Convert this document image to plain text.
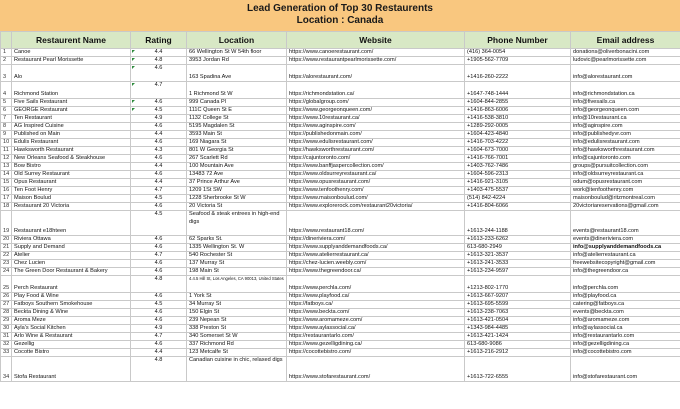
Lead Generation of Top 30 Restaurents
Location : Canada
	Restaurent Name	Rating	Location	Website	Phone Number	Email address
1	Canoe	4.4	66 Wellington St W 54th floor	https://www.canoerestaurant.com/	(416) 364-0054	donations@oliverbonacini.com
2	Restaurant Pearl Morissette	4.8	3953 Jordan Rd	https://www.restaurantpearlmorissette.com/	+1905-562-7709	ludovic@pearlmorissette.com
3	Alo	4.6	163 Spadina Ave	https://alorestaurant.com/	+1416-260-2222	info@alorestaurant.com
4	Richmond Station	4.7	1 Richmond St W	https://richmondstation.ca/	+1647-748-1444	info@richmondstation.ca
5	Five Sails Restaurant	4.6	999 Canada Pl	https://globalgroup.com/	+1604-844-2855	info@fivesails.ca
6	GEORGE Restaurant	4.5	111C Queen St E	https://www.georgeonqueen.com/	+1416-863-6006	info@georgeonqueen.com
7	Ten Restaurant	4.9	1132 College St	https://www.10restaurant.ca/	+1416-538-3810	info@10restaurant.ca
8	AG Inspired Cuisine	4.6	5195 Magdalen St	https://www.aginspire.com/	+1289-292-0005	info@aginspire.com
9	Published on Main	4.4	3593 Main St	https://publishedonmain.com/	+1604-423-4840	info@publishedyvr.com
10	Edulis Restaurant	4.6	169 Niagara St	https://www.edulisrestaurant.com/	+1416-703-4222	info@edulisrestaurant.com
11	Hawksworth Restaurant	4.3	801 W Georgia St	https://hawksworthrestaurant.com/	+1604-673-7000	info@hawksworthrestaurant.com
12	New Orleans Seafood & Steakhouse	4.6	267 Scarlett Rd	https://cajuntoronto.com/	+1416-766-7001	info@cajuntoronto.com
13	Bow Bistro	4.4	100 Mountain Ave	https://www.banffjaspercollection.com/	+1403-762-7486	groups@pursuitcollection.com
14	Old Surrey Restaurant	4.6	13483 72 Ave	https://www.oldsurreyrestaurant.ca/	+1604-596-2313	info@oldsurreyrestaurant.ca
15	Opus Restaurant	4.4	37 Prince Arthur Ave	https://www.opusrestaurant.com/	+1416-921-3105	odum@opusrestaurant.com
16	Ten Foot Henry	4.7	1209 1St SW	https://www.tenfoothenry.com/	+1403-475-5537	work@tenfoothenry.com
17	Maison Boulud	4.5	1228 Sherbrooke St W	https://www.maisonboulud.com/	(514) 842-4224	maisonboulud@ritzmontreal.com
18	Restaurant 20 Victoria	4.6	20 Victoria St	https://www.explorerock.com/restaurant20victoria/	+1416-804-6066	20victoriareservations@gmail.com
19	Restaurant e18hteen	4.5	Seafood & steak entrees in high-end digs	https://www.restaurant18.com/	+1613-244-1188	events@restaurant18.com
20	Riviera Ottawa	4.6	62 Sparks St.	https://dineriviera.com/	+1613-233-6262	events@dineriviera.com
21	Supply and Demand	4.6	1335 Wellington St. W	https://www.supplyanddemandfoods.ca/	613-680-2949	info@supplyanddemandfoods.ca
22	Atelier	4.7	540 Rochester St	https://www.atelierrestaurant.ca/	+1613-321-3537	info@atelierrestaurant.ca
23	Chez Lucien	4.6	137 Murray St	https://chez-lucien.weebly.com/	+1613-241-3533	freewebsitecopyright@gmail.com
24	The Green Door Restaurant & Bakery	4.6	198 Main St	https://www.thegreendoor.ca/	+1613-234-9597	info@thegreendoor.ca
25	Perch Restaurant	4.8	4.4.5 Hill St, Los Angeles, CA 90013, United States	https://www.perchla.com/	+1213-802-1770	info@perchla.com
26	Play Food & Wine	4.6	1 York St	https://www.playfood.ca/	+1613-667-9207	info@playfood.ca
27	Fatboys Southern Smokehouse	4.5	34 Murray St	https://fatboys.ca/	+1613-695-5599	catering@fatboys.ca
28	Beckta Dining & Wine	4.6	150 Elgin St	https://www.beckta.com/	+1613-238-7063	events@beckta.com
29	Aroma Meze	4.6	239 Nepean St	https://www.aromameze.com/	+1613-421-0504	info@aromameze.com
30	Ayla's Social Kitchen	4.9	338 Preston St	https://www.aylassocial.ca/	+1343-984-4485	info@aylassocial.ca
31	Arlo Wine & Restaurant	4.7	340 Somerset St W	https://restaurantarlo.com/	+1613-421-1424	info@restaurantarlo.com
32	Gezellig	4.6	337 Richmond Rd	https://www.gezelligdining.ca/	613-680-9086	info@gezelligdining.ca
33	Cocotte Bistro	4.4	123 Metcalfe St	https://cocottebistro.com/	+1613-216-2912	info@cocottebistro.com
34	Stofa Restaurant	4.8	Canadian cuisine in chic, relaxed digs	https://www.stofarestaurant.com/	+1613-722-6555	info@stofarestaurant.com
